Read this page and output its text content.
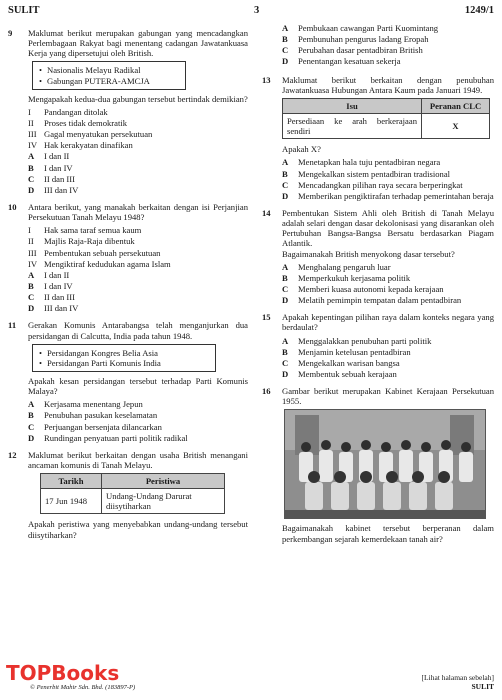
SULIT	3	1249/1
9 Maklumat berikut merupakan gabungan yang mencadangkan Perlembagaan Rakyat bagi menentang cadangan Jawatankuasa Kerja yang dipersetujui oleh British.

• Nasionalis Melayu Radikal
• Gabungan PUTERA-AMCJA

Mengapakah kedua-dua gabungan tersebut bertindak demikian?

I	Pandangan ditolak
II	Proses tidak demokratik
III Gagal menyatukan persekutuan
IV Hak kerakyatan dinafikan
A	I dan II
B	I dan IV
C	II dan III
D	III dan IV
10 Antara berikut, yang manakah berkaitan dengan isi Perjanjian Persekutuan Tanah Melayu 1948?

I	Hak sama taraf semua kaum
II	Majlis Raja-Raja dibentuk
III Pembentukan sebuah persekutuan
IV Mengiktiraf kedudukan agama Islam
A	I dan II
B	I dan IV
C	II dan III
D	III dan IV
11 Gerakan Komunis Antarabangsa telah menganjurkan dua persidangan di Calcutta, India pada tahun 1948.

• Persidangan Kongres Belia Asia
• Persidangan Parti Komunis India

Apakah kesan persidangan tersebut terhadap Parti Komunis Malaya?

A	Kerjasama menentang Jepun
B	Penubuhan pasukan keselamatan
C	Perjuangan bersenjata dilancarkan
D	Rundingan penyatuan parti politik radikal
12 Maklumat berikut berkaitan dengan usaha British menangani ancaman komunis di Tanah Melayu.

Tarikh	Peristiwa
17 Jun 1948	Undang-Undang Darurat diisytiharkan

Apakah peristiwa yang menyebabkan undang-undang tersebut diisytiharkan?

A	Pembukaan cawangan Parti Kuomintang
B	Pembunuhan pengurus ladang Eropah
C	Perubahan dasar pentadbiran British
D	Penentangan kesatuan sekerja
13 Maklumat berikut berkaitan dengan penubuhan Jawatankuasa Hubungan Antara Kaum pada Januari 1949.

Isu	Peranan CLC
Persediaan ke arah berkerajaan sendiri	X

Apakah X?

A	Menetapkan hala tuju pentadbiran negara
B	Mengekalkan sistem pentadbiran tradisional
C	Mencadangkan pilihan raya secara berperingkat
D	Memberikan pengiktirafan terhadap pemerintahan beraja
14 Pembentukan Sistem Ahli oleh British di Tanah Melayu adalah selari dengan dasar dekolonisasi yang disarankan oleh Pertubuhan Bangsa-Bangsa Bersatu berdasarkan Piagam Atlantik.

Bagaimanakah British menyokong dasar tersebut?

A	Menghalang pengaruh luar
B	Memperkukuh kerjasama politik
C	Memberi kuasa autonomi kepada kerajaan
D	Melatih pemimpin tempatan dalam pentadbiran
15 Apakah kepentingan pilihan raya dalam konteks negara yang berdaulat?

A	Menggalakkan penubuhan parti politik
B	Menjamin ketelusan pentadbiran
C	Mengekalkan warisan bangsa
D	Membentuk sebuah kerajaan
16 Gambar berikut merupakan Kabinet Kerajaan Persekutuan 1955.

Bagaimanakah kabinet tersebut berperanan dalam perkembangan sejarah kemerdekaan tanah air?

TOPBooks
© Penerbit Mahir Sdn. Bhd. (183897-P)
[Lihat halaman sebelah]
SULIT
